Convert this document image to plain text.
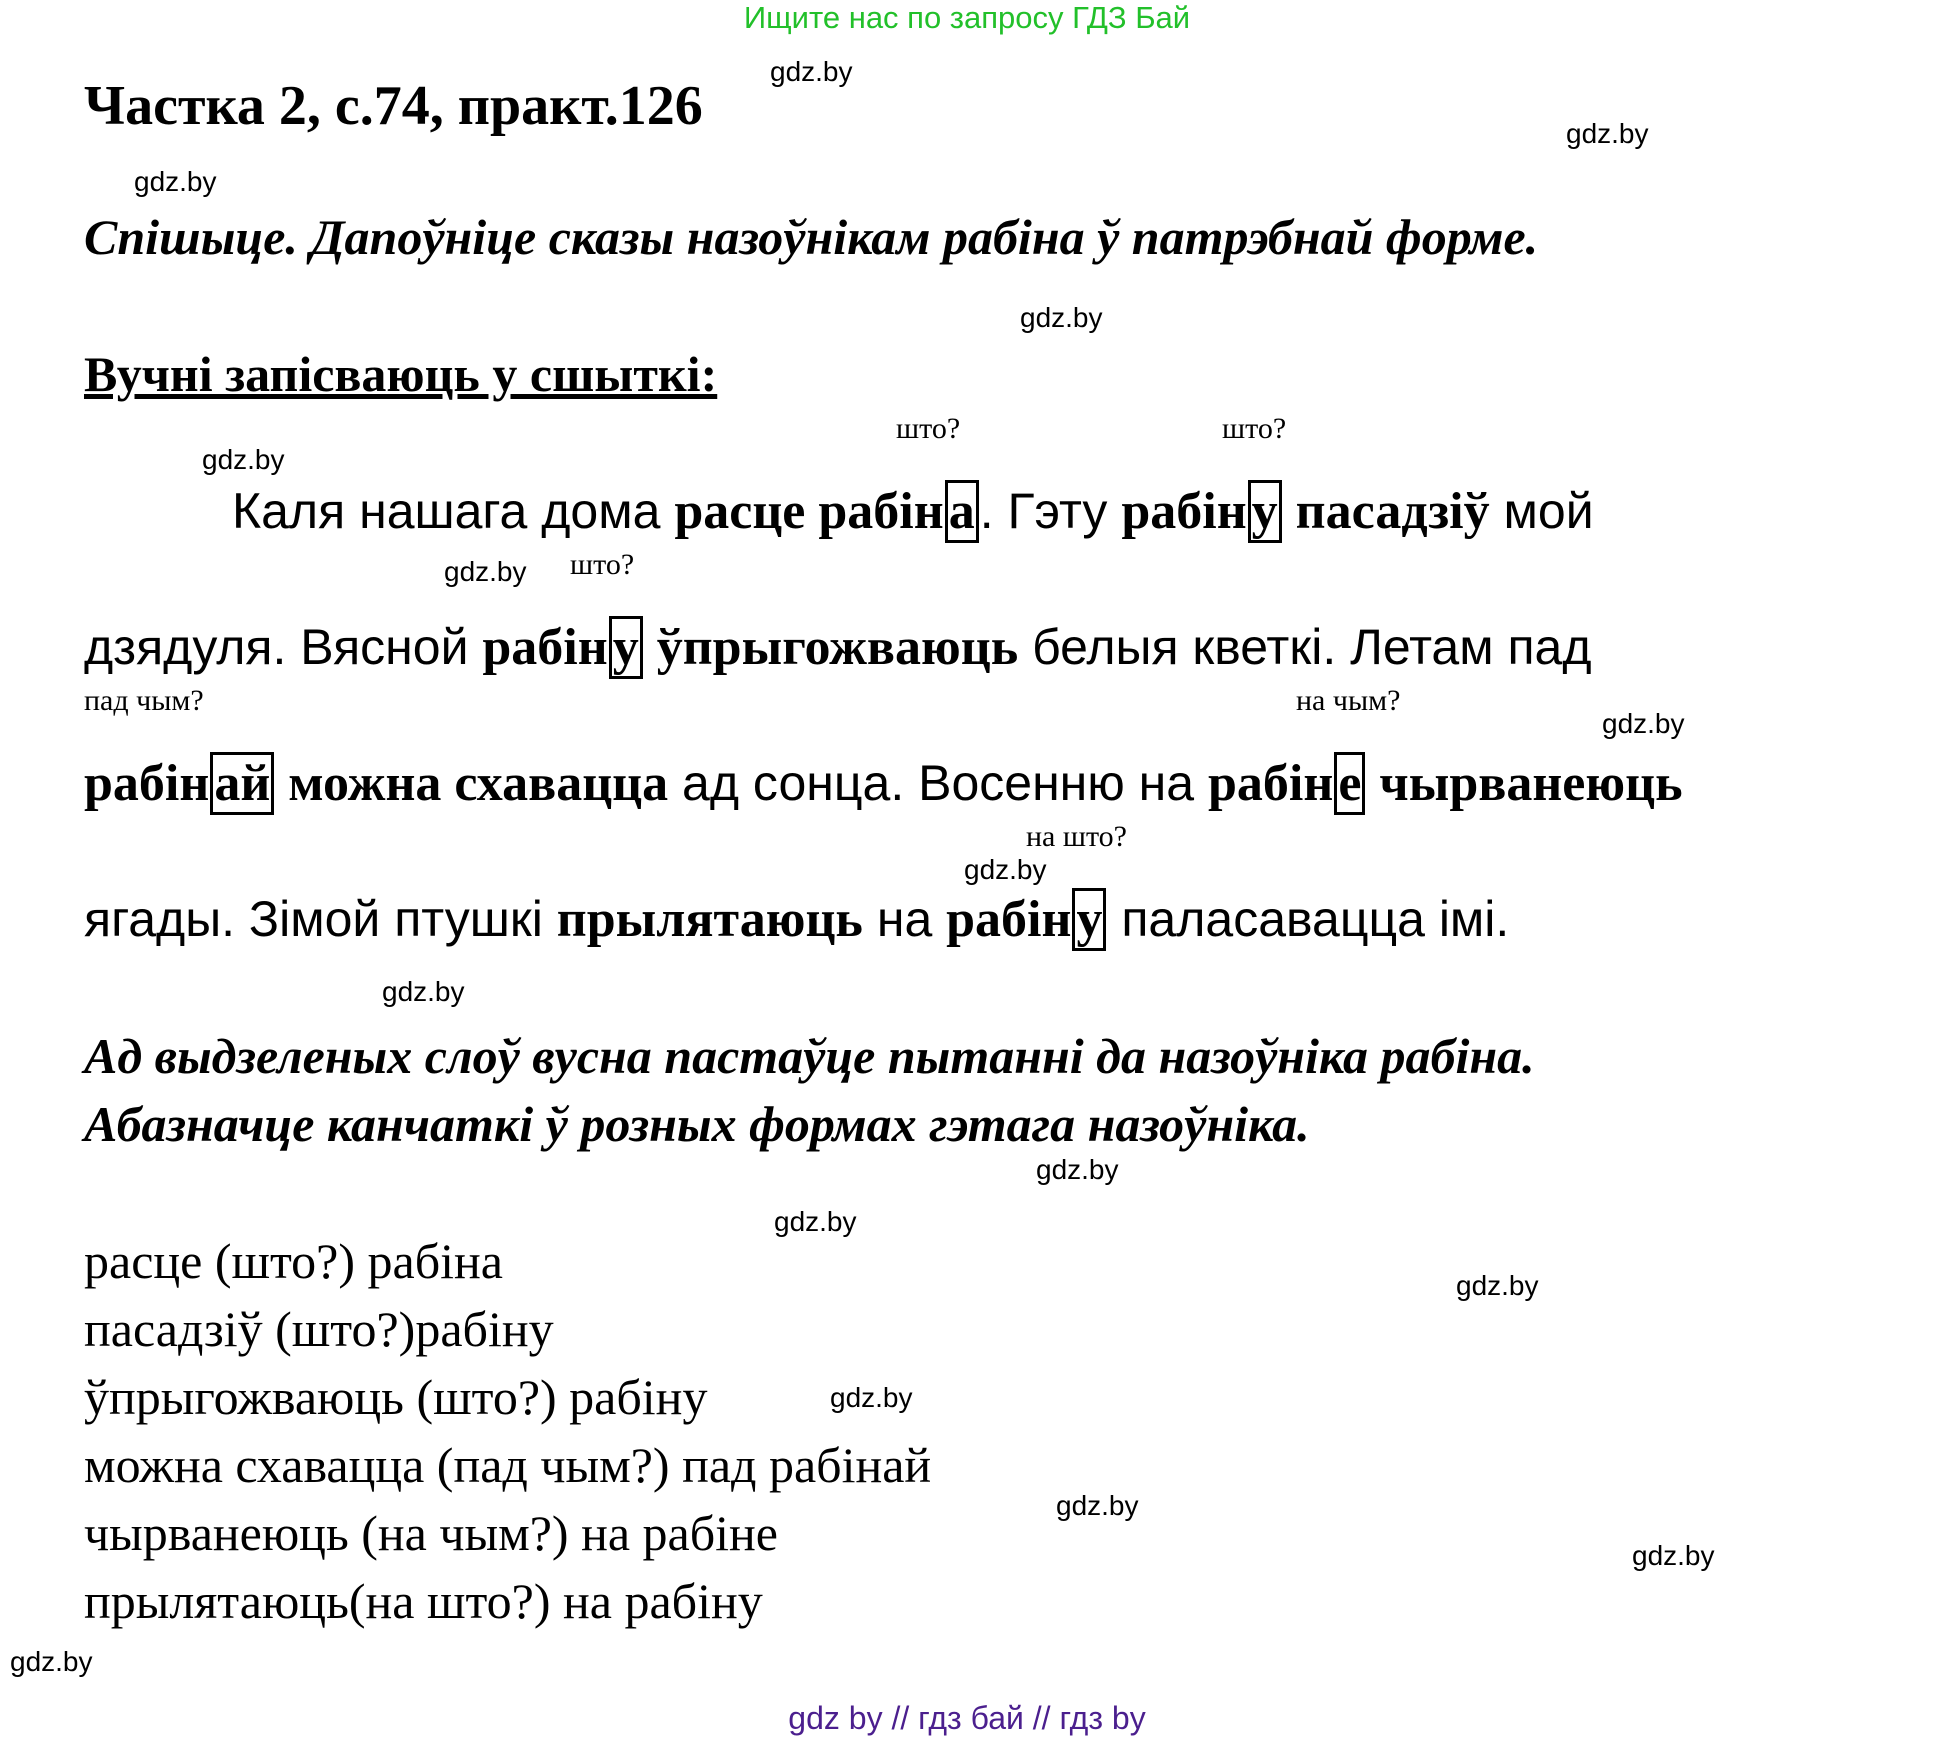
Ищите нас по запросу ГДЗ Бай
Частка 2, с.74, практ.126
Спішыце. Дапоўніце сказы назоўнікам рабіна ў патрэбнай форме.
Вучні запісваюць у сшыткі:
што?	што?
што?
пад чым?	на чым?
на што?
Каля нашага дома расце рабіна . Гэту рабіну пасадзіў мой
дзядуля. Вясной рабіну ўпрыгожваюць белыя кветкі. Летам пад
рабінай можна схавацца ад сонца. Восенню на рабіне чырванеюць
ягады. Зімой птушкі прылятаюць на рабіну паласавацца імі.
Ад выдзеленых слоў вусна пастаўце пытанні да назоўніка рабіна.
Абазначце канчаткі ў розных формах гэтага назоўніка.
расце (што?) рабіна
пасадзіў (што?)рабіну
ўпрыгожваюць (што?) рабіну
можна схавацца (пад чым?) пад рабінай
чырванеюць (на чым?) на рабіне
прылятаюць(на што?) на рабіну
gdz.by
gdz.by
gdz.by
gdz.by
gdz.by
gdz.by
gdz.by
gdz.by
gdz.by
gdz.by
gdz.by
gdz.by
gdz.by
gdz.by
gdz.by
gdz.by
gdz by // гдз бай // гдз by
